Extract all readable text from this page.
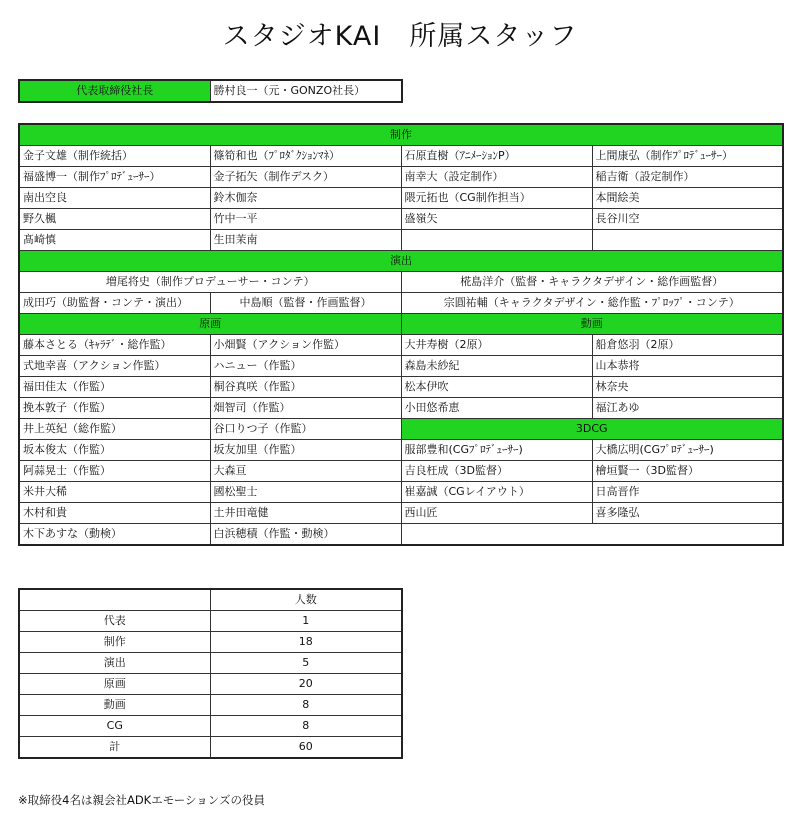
スタジオKAI　所属スタッフ
代表取締役社長	勝村良一（元・GONZO社長）
制作			
金子文雄（制作統括）	篠筍和也（ﾌﾟﾛﾀﾞｸｼｮﾝﾏﾈ）	石原直樹（ｱﾆﾒｰｼｮﾝP）	上間康弘（制作ﾌﾟﾛﾃﾞｭｰｻｰ）
福盛博一（制作ﾌﾟﾛﾃﾞｭｰｻｰ）	金子拓矢（制作デスク）	南幸大（設定制作）	稲吉衛（設定制作）
南出空良	鈴木伽奈	隈元拓也（CG制作担当）	本間絵美
野久楓	竹中一平	盛嶺矢	長谷川空
髙崎慎	生田茉南		
演出			
増尾将史（制作プロデューサー・コンテ）		椛島洋介（監督・キャラクタデザイン・総作画監督）	
成田巧（助監督・コンテ・演出）	中島順（監督・作画監督）	宗圓祐輔（キャラクタデザイン・総作監・ﾌﾟﾛｯﾌﾟ・コンテ）	
原画		動画	
藤本さとる（ｷｬﾗﾃﾞ・総作監）	小畑賢（アクション作監）	大井寿樹（2原）	船倉悠羽（2原）
式地幸喜（アクション作監）	ハニュー（作監）	森島未紗紀	山本恭将
福田佳太（作監）	桐谷真咲（作監）	松本伊吹	林奈央
挽本敦子（作監）	畑智司（作監）	小田悠希恵	福江あゆ
井上英紀（総作監）	谷口りつ子（作監）	3DCG	
坂本俊太（作監）	坂友加里（作監）	服部豊和(CGﾌﾟﾛﾃﾞｭｰｻｰ)	大橋広明(CGﾌﾟﾛﾃﾞｭｰｻｰ)
阿蒜晃士（作監）	大森亘	吉良枉成（3D監督）	檜垣賢一（3D監督）
米井大稀	國松聖士	崔嘉誠（CGレイアウト）	日高晋作
木村和貴	土井田竜健	西山匠	喜多隆弘
木下あすな（動検）	白浜穂積（作監・動検）		
	人数
代表	1
制作	18
演出	5
原画	20
動画	8
CG	8
計	60
※取締役4名は親会社ADKエモーションズの役員
